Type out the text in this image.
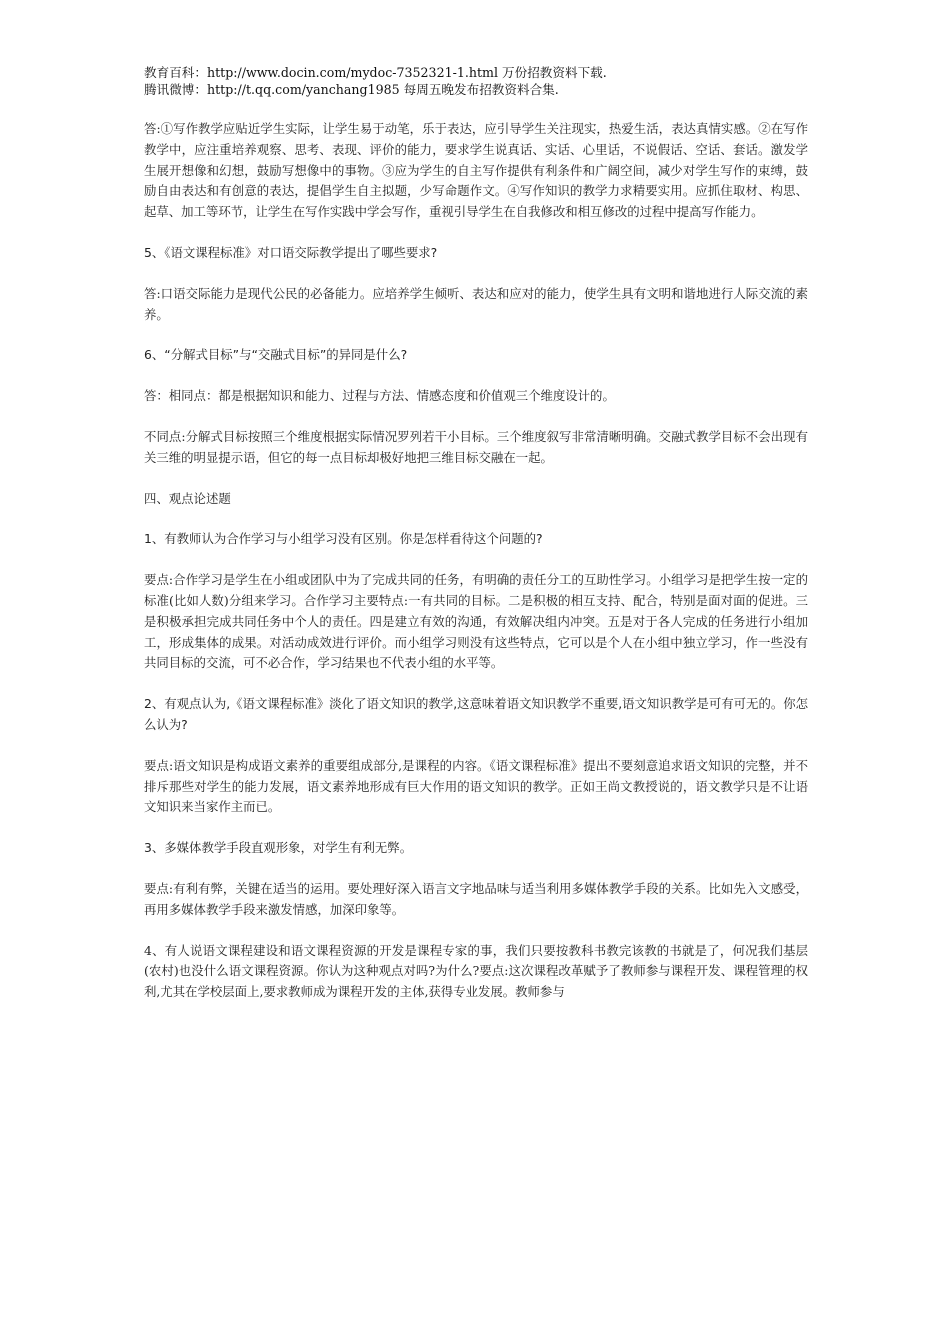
教育百科：http://www.docin.com/mydoc-7352321-1.html 万份招教资料下载.
腾讯微博：http://t.qq.com/yanchang1985 每周五晚发布招教资料合集.

答:①写作教学应贴近学生实际，让学生易于动笔，乐于表达，应引导学生关注现实，热爱生活，表达真情实感。②在写作教学中，应注重培养观察、思考、表现、评价的能力，要求学生说真话、实话、心里话，不说假话、空话、套话。激发学生展开想像和幻想，鼓励写想像中的事物。③应为学生的自主写作提供有利条件和广阔空间，减少对学生写作的束缚，鼓励自由表达和有创意的表达，提倡学生自主拟题，少写命题作文。④写作知识的教学力求精要实用。应抓住取材、构思、起草、加工等环节，让学生在写作实践中学会写作，重视引导学生在自我修改和相互修改的过程中提高写作能力。

5、《语文课程标准》对口语交际教学提出了哪些要求?

答:口语交际能力是现代公民的必备能力。应培养学生倾听、表达和应对的能力，使学生具有文明和谐地进行人际交流的素养。

6、“分解式目标”与“交融式目标”的异同是什么?

答：相同点：都是根据知识和能力、过程与方法、情感态度和价值观三个维度设计的。

不同点:分解式目标按照三个维度根据实际情况罗列若干小目标。三个维度叙写非常清晰明确。交融式教学目标不会出现有关三维的明显提示语，但它的每一点目标却极好地把三维目标交融在一起。

四、观点论述题

1、有教师认为合作学习与小组学习没有区别。你是怎样看待这个问题的?

要点:合作学习是学生在小组或团队中为了完成共同的任务，有明确的责任分工的互助性学习。小组学习是把学生按一定的标准(比如人数)分组来学习。合作学习主要特点:一有共同的目标。二是积极的相互支持、配合，特别是面对面的促进。三是积极承担完成共同任务中个人的责任。四是建立有效的沟通，有效解决组内冲突。五是对于各人完成的任务进行小组加工，形成集体的成果。对活动成效进行评价。而小组学习则没有这些特点，它可以是个人在小组中独立学习，作一些没有共同目标的交流，可不必合作，学习结果也不代表小组的水平等。

2、有观点认为,《语文课程标准》淡化了语文知识的教学,这意味着语文知识教学不重要,语文知识教学是可有可无的。你怎么认为?

要点:语文知识是构成语文素养的重要组成部分,是课程的内容。《语文课程标准》提出不要刻意追求语文知识的完整，并不排斥那些对学生的能力发展，语文素养地形成有巨大作用的语文知识的教学。正如王尚文教授说的，语文教学只是不让语文知识来当家作主而已。

3、多媒体教学手段直观形象，对学生有利无弊。

要点:有利有弊，关键在适当的运用。要处理好深入语言文字地品味与适当利用多媒体教学手段的关系。比如先入文感受，再用多媒体教学手段来激发情感，加深印象等。

4、有人说语文课程建设和语文课程资源的开发是课程专家的事，我们只要按教科书教完该教的书就是了，何况我们基层(农村)也没什么语文课程资源。你认为这种观点对吗?为什么?要点:这次课程改革赋予了教师参与课程开发、课程管理的权利,尤其在学校层面上,要求教师成为课程开发的主体,获得专业发展。教师参与
